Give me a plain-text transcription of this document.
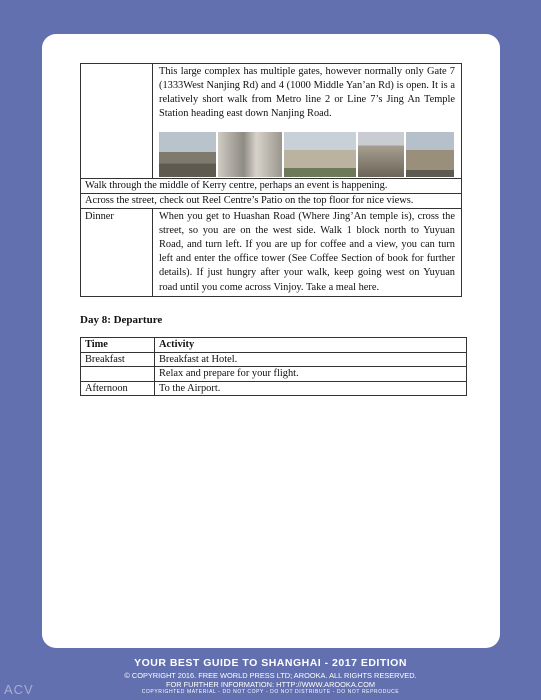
	This large complex has multiple gates, however normally only Gate 7 (1333West Nanjing Rd) and 4 (1000 Middle Yan’an Rd) is open. It is a relatively short walk from Metro line 2 or Line 7’s Jing An Temple Station heading east down Nanjing Road.

Walk through the middle of Kerry centre, perhaps an event is happening.	
Across the street, check out Reel Centre’s Patio on the top floor for nice views.	
Dinner	When you get to Huashan Road (Where Jing’An temple is), cross the street, so you are on the west side. Walk 1 block north to Yuyuan Road, and turn left. If you are up for coffee and a view, you can turn left and enter the office tower (See Coffee Section of book for further details). If just hungry after your walk, keep going west on Yuyuan road until you come across Vinjoy. Take a meal here.
Day 8: Departure
Time	Activity
Breakfast	Breakfast at Hotel.
	Relax and prepare for your flight.
Afternoon	To the Airport.
YOUR BEST GUIDE TO SHANGHAI - 2017 EDITION
© COPYRIGHT 2016. FREE WORLD PRESS LTD; AROOKA. ALL RIGHTS RESERVED.
FOR FURTHER INFORMATION: HTTP://WWW.AROOKA.COM
COPYRIGHTED MATERIAL - DO NOT COPY - DO NOT DISTRIBUTE - DO NOT REPRODUCE
ACV
